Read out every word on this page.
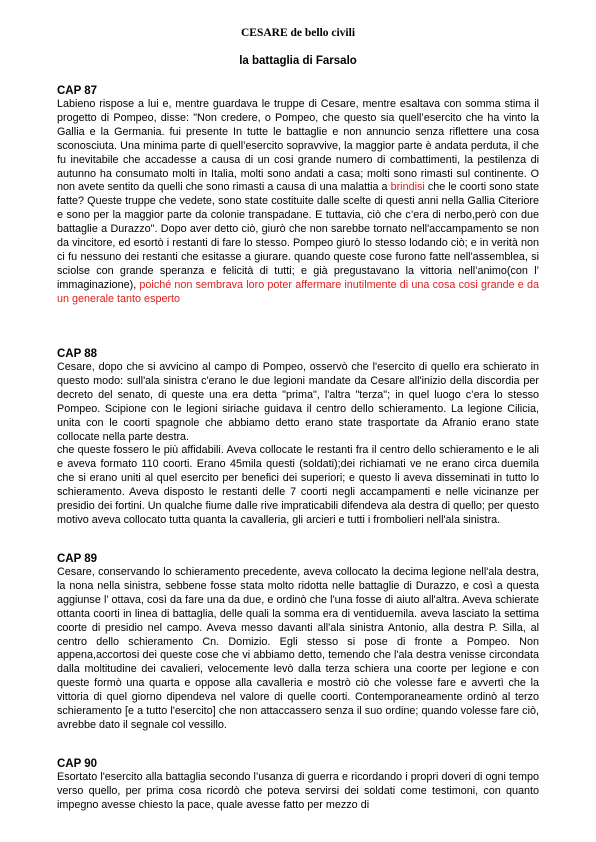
CESARE de bello civili
la battaglia di Farsalo
CAP 87
Labieno rispose a lui e, mentre guardava le truppe di Cesare, mentre esaltava con somma stima il progetto di Pompeo, disse: "Non credere, o Pompeo, che questo sia quell’esercito che ha vinto la Gallia e la Germania. fui presente In tutte le battaglie e non annuncio senza riflettere una cosa sconosciuta. Una minima parte di quell’esercito sopravvive, la maggior parte è andata perduta, il che fu inevitabile che accadesse a causa di un cosi grande numero di combattimenti, la pestilenza di autunno ha consumato molti in Italia, molti sono andati a casa; molti sono rimasti sul continente. O non avete sentito da quelli che sono rimasti a causa di una malattia a brindisi che le coorti sono state fatte? Queste truppe che vedete, sono state costituite dalle scelte di questi anni nella Gallia Citeriore e sono per la maggior parte da colonie transpadane. E tuttavia, ciò che c’era di nerbo,però con due battaglie a Durazzo". Dopo aver detto ciò, giurò che non sarebbe tornato nell'accampamento se non da vincitore, ed esortò i restanti di fare lo stesso. Pompeo giurò lo stesso lodando ciò; e in verità non ci fu nessuno dei restanti che esitasse a giurare. quando queste cose furono fatte nell'assemblea, si sciolse con grande speranza e felicità di tutti; e già pregustavano la vittoria nell’animo(con l’ immaginazione), poiché non sembrava loro poter affermare inutilmente di una cosa cosi grande e da un generale tanto esperto
CAP 88
Cesare, dopo che si avvicino al campo di Pompeo, osservò che l'esercito di quello era schierato in questo modo: sull'ala sinistra c'erano le due legioni mandate da Cesare all'inizio della discordia per decreto del senato, di queste una era detta "prima", l'altra "terza"; in quel luogo c’era lo stesso Pompeo. Scipione con le legioni siriache guidava il centro dello schieramento. La legione Cilicia, unita con le coorti spagnole che abbiamo detto erano state trasportate da Afranio erano state collocate nella parte destra.
che queste fossero le più affidabili. Aveva collocate le restanti fra il centro dello schieramento e le ali e aveva formato 110 coorti. Erano 45mila questi (soldati);dei richiamati ve ne erano circa duemila che si erano uniti al quel esercito per benefici dei superiori; e questo li aveva disseminati in tutto lo schieramento. Aveva disposto le restanti delle 7 coorti negli accampamenti e nelle vicinanze per presidio dei fortini. Un qualche fiume dalle rive impraticabili difendeva ala destra di quello; per questo motivo aveva collocato tutta quanta la cavalleria, gli arcieri e tutti i frombolieri nell'ala sinistra.
CAP 89
Cesare, conservando lo schieramento precedente, aveva collocato la decima legione nell'ala destra, la nona nella sinistra, sebbene fosse stata molto ridotta nelle battaglie di Durazzo, e così a questa aggiunse l’ ottava, così da fare una da due, e ordinò che l'una fosse di aiuto all'altra. Aveva schierate ottanta coorti in linea di battaglia, delle quali la somma era di ventiduemila. aveva lasciato la settima coorte di presidio nel campo. Aveva messo davanti all'ala sinistra Antonio, alla destra P. Silla, al centro dello schieramento Cn. Domizio. Egli stesso si pose di fronte a Pompeo. Non appena,accortosi dei queste cose che vi abbiamo detto, temendo che l'ala destra venisse circondata dalla moltitudine dei cavalieri, velocemente levò dalla terza schiera una coorte per legione e con queste formò una quarta e oppose alla cavalleria e mostrò ciò che volesse fare e avvertì che la vittoria di quel giorno dipendeva nel valore di quelle coorti. Contemporaneamente ordinò al terzo schieramento [e a tutto l'esercito] che non attaccassero senza il suo ordine; quando volesse fare ciò, avrebbe dato il segnale col vessillo.
CAP 90
Esortato l'esercito alla battaglia secondo l’usanza di guerra e ricordando i propri doveri di ogni tempo verso quello, per prima cosa ricordò che poteva servirsi dei soldati come testimoni, con quanto impegno avesse chiesto la pace, quale avesse fatto per mezzo di
